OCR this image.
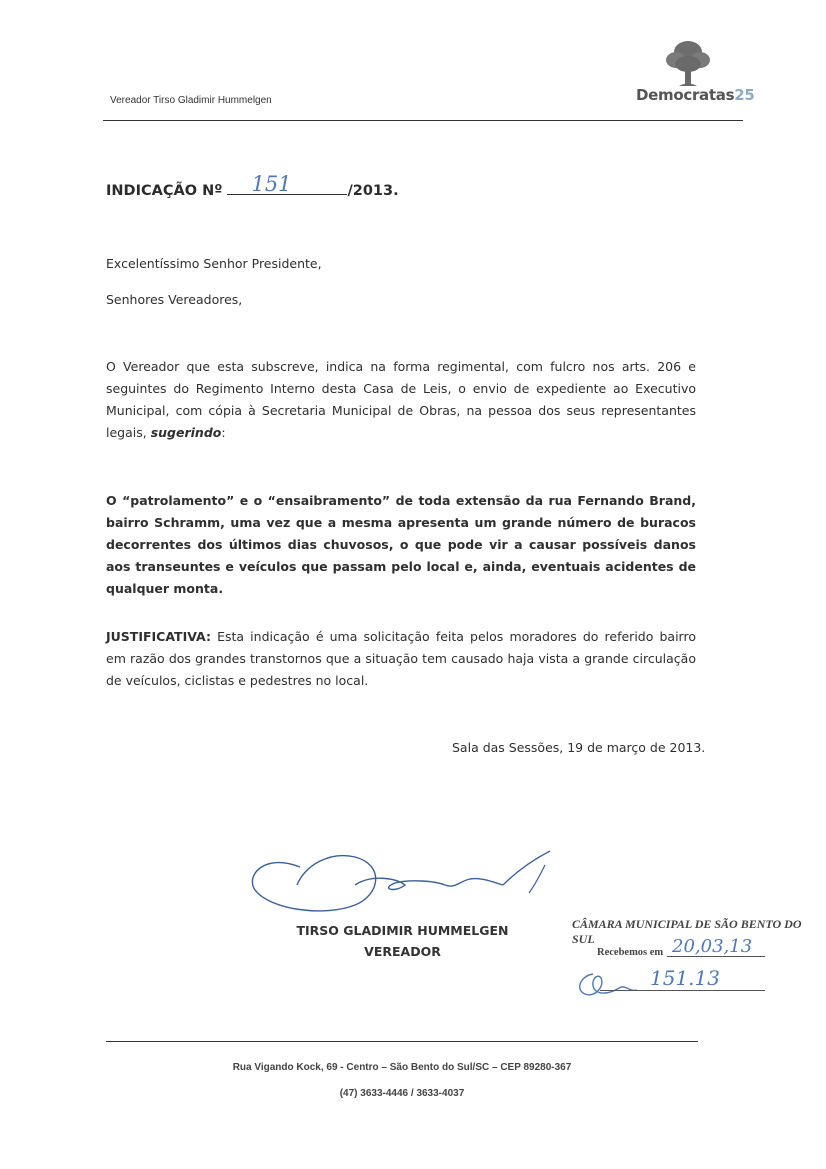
Vereador Tirso Gladimir Hummelgen	Democratas25
INDICAÇÃO Nº 151	/2013.
Excelentíssimo Senhor Presidente,
Senhores Vereadores,
O Vereador que esta subscreve, indica na forma regimental, com fulcro nos arts. 206 e seguintes do Regimento Interno desta Casa de Leis, o envio de expediente ao Executivo Municipal, com cópia à Secretaria Municipal de Obras, na pessoa dos seus representantes legais, sugerindo:
O “patrolamento” e o “ensaibramento” de toda extensão da rua Fernando Brand, bairro Schramm, uma vez que a mesma apresenta um grande número de buracos decorrentes dos últimos dias chuvosos, o que pode vir a causar possíveis danos aos transeuntes e veículos que passam pelo local e, ainda, eventuais acidentes de qualquer monta.
JUSTIFICATIVA: Esta indicação é uma solicitação feita pelos moradores do referido bairro em razão dos grandes transtornos que a situação tem causado haja vista a grande circulação de veículos, ciclistas e pedestres no local.
Sala das Sessões, 19 de março de 2013.
TIRSO GLADIMIR HUMMELGEN
VEREADOR
CÂMARA MUNICIPAL DE SÃO BENTO DO SUL
Recebemos em 20,03,13
151.13
Rua Vigando Kock, 69 - Centro – São Bento do Sul/SC – CEP 89280-367
(47) 3633-4446 / 3633-4037
